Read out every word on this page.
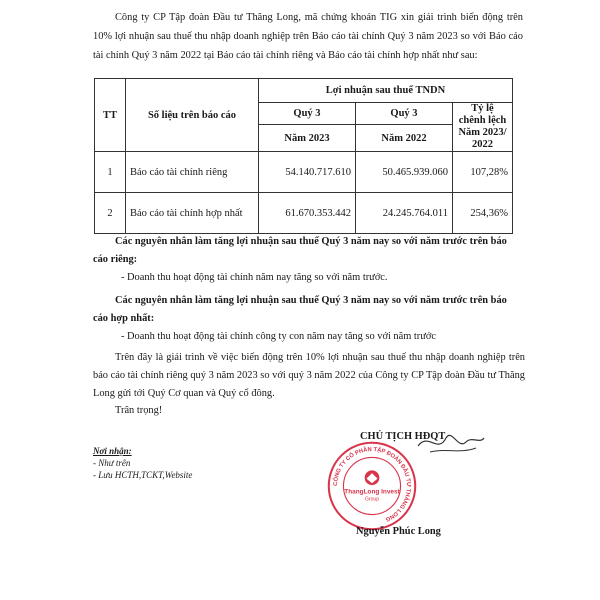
Công ty CP Tập đoàn Đầu tư Thăng Long, mã chứng khoán TIG xin giải trình biến động trên 10% lợi nhuận sau thuế thu nhập doanh nghiệp trên Báo cáo tài chính Quý 3 năm 2023 so với Báo cáo tài chính Quý 3 năm 2022 tại Báo cáo tài chính riêng và Báo cáo tài chính hợp nhất như sau:
TT	Số liệu trên báo cáo	Lợi nhuận sau thuế TNDN		
		Quý 3	Quý 3	Tỷ lệ chênh lệch Năm 2023/ 2022
		Năm 2023	Năm 2022	
1	Báo cáo tài chính riêng	54.140.717.610	50.465.939.060	107,28%
2	Báo cáo tài chính hợp nhất	61.670.353.442	24.245.764.011	254,36%
Các nguyên nhân làm tăng lợi nhuận sau thuế Quý 3 năm nay so với năm trước trên báo cáo riêng:
- Doanh thu hoạt động tài chính năm nay tăng so với năm trước.
Các nguyên nhân làm tăng lợi nhuận sau thuế Quý 3 năm nay so với năm trước trên báo cáo hợp nhất:
- Doanh thu hoạt động tài chính công ty con năm nay tăng so với năm trước
Trên đây là giải trình về việc biến động trên 10% lợi nhuận sau thuế thu nhập doanh nghiệp trên báo cáo tài chính riêng quý 3 năm 2023 so với quý 3 năm 2022 của Công ty CP Tập đoàn Đầu tư Thăng Long gửi tới Quý Cơ quan và Quý cổ đông.
Trân trọng!
Nơi nhận:
- Như trên
- Lưu HCTH,TCKT,Website
CÔNG TY CỔ PHẦN TẬP ĐOÀN ĐẦU TƯ THĂNG LONG
ThangLong Invest
Group
CHỦ TỊCH HĐQT
Nguyễn Phúc Long
